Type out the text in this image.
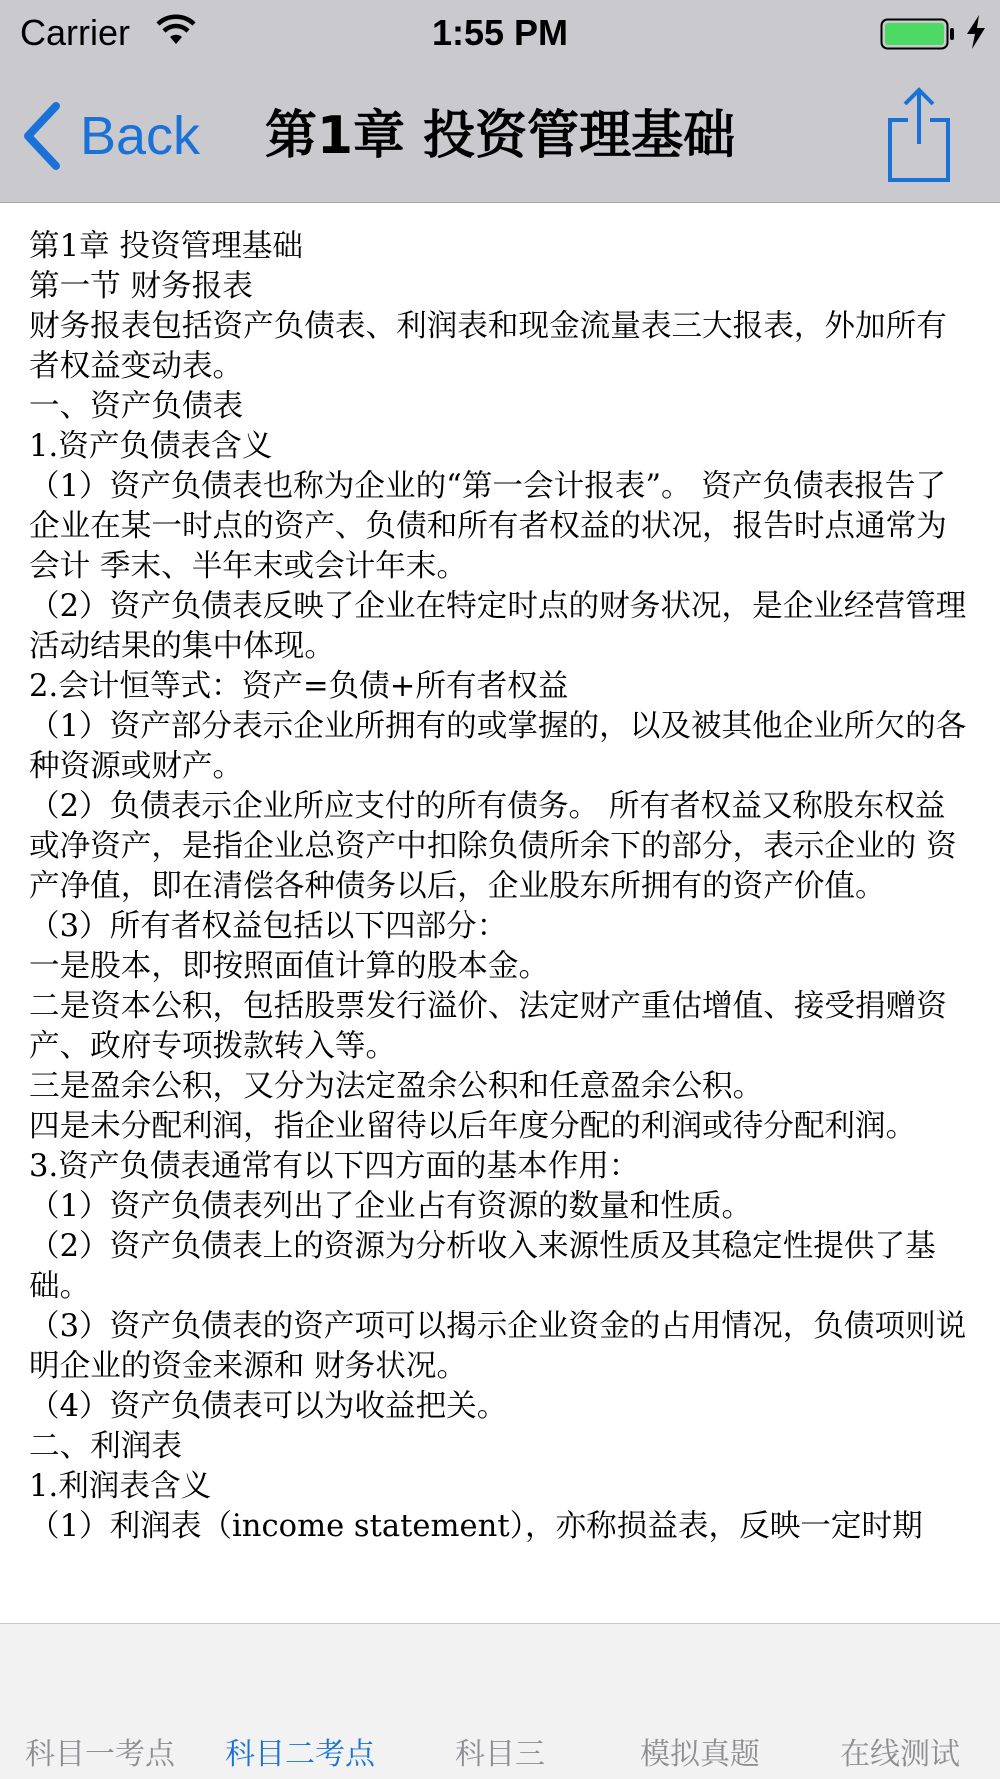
Carrier	1:55 PM
Back	第1章 投资管理基础

第1章 投资管理基础

第一节 财务报表

财务报表包括资产负债表、利润表和现金流量表三大报表，外加所有者权益变动表。

一、资产负债表

1.资产负债表含义

（1）资产负债表也称为企业的“第一会计报表”。 资产负债表报告了企业在某一时点的资产、负债和所有者权益的状况，报告时点通常为会计 季末、半年末或会计年末。

（2）资产负债表反映了企业在特定时点的财务状况，是企业经营管理活动结果的集中体现。

2.会计恒等式：资产=负债+所有者权益

（1）资产部分表示企业所拥有的或掌握的，以及被其他企业所欠的各种资源或财产。

（2）负债表示企业所应支付的所有债务。 所有者权益又称股东权益或净资产，是指企业总资产中扣除负债所余下的部分，表示企业的 资产净值，即在清偿各种债务以后，企业股东所拥有的资产价值。

（3）所有者权益包括以下四部分：

一是股本，即按照面值计算的股本金。

二是资本公积，包括股票发行溢价、法定财产重估增值、接受捐赠资产、政府专项拨款转入等。

三是盈余公积，又分为法定盈余公积和任意盈余公积。

四是未分配利润，指企业留待以后年度分配的利润或待分配利润。

3.资产负债表通常有以下四方面的基本作用：

（1）资产负债表列出了企业占有资源的数量和性质。

（2）资产负债表上的资源为分析收入来源性质及其稳定性提供了基础。

（3）资产负债表的资产项可以揭示企业资金的占用情况，负债项则说明企业的资金来源和 财务状况。

（4）资产负债表可以为收益把关。

二、利润表

1.利润表含义

（1）利润表（income statement），亦称损益表，反映一定时期

科目一考点	科目二考点	科目三	模拟真题	在线测试
